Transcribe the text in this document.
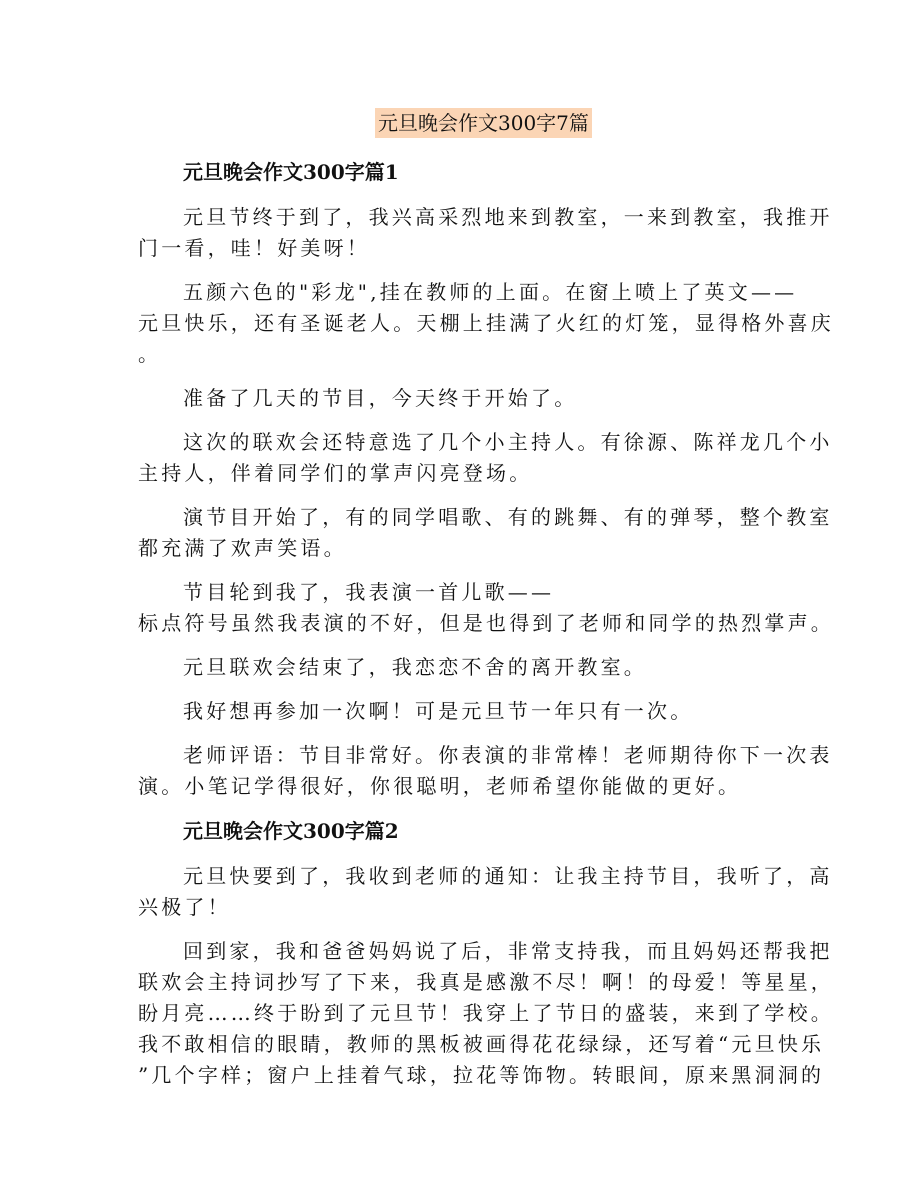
元旦晚会作文300字7篇
元旦晚会作文300字篇1
元旦节终于到了，我兴高采烈地来到教室，一来到教室，我推开
门一看，哇！好美呀！
五颜六色的"彩龙",挂在教师的上面。在窗上喷上了英文——
元旦快乐，还有圣诞老人。天棚上挂满了火红的灯笼，显得格外喜庆
。
准备了几天的节目，今天终于开始了。
这次的联欢会还特意选了几个小主持人。有徐源、陈祥龙几个小
主持人，伴着同学们的掌声闪亮登场。
演节目开始了，有的同学唱歌、有的跳舞、有的弹琴，整个教室
都充满了欢声笑语。
节目轮到我了，我表演一首儿歌——
标点符号虽然我表演的不好，但是也得到了老师和同学的热烈掌声。
元旦联欢会结束了，我恋恋不舍的离开教室。
我好想再参加一次啊！可是元旦节一年只有一次。
老师评语：节目非常好。你表演的非常棒！老师期待你下一次表
演。小笔记学得很好，你很聪明，老师希望你能做的更好。
元旦晚会作文300字篇2
元旦快要到了，我收到老师的通知：让我主持节目，我听了，高
兴极了！
回到家，我和爸爸妈妈说了后，非常支持我，而且妈妈还帮我把
联欢会主持词抄写了下来，我真是感激不尽！啊！的母爱！等星星，
盼月亮……终于盼到了元旦节！我穿上了节日的盛装，来到了学校。
我不敢相信的眼睛，教师的黑板被画得花花绿绿，还写着“元旦快乐
”几个字样；窗户上挂着气球，拉花等饰物。转眼间，原来黑洞洞的
